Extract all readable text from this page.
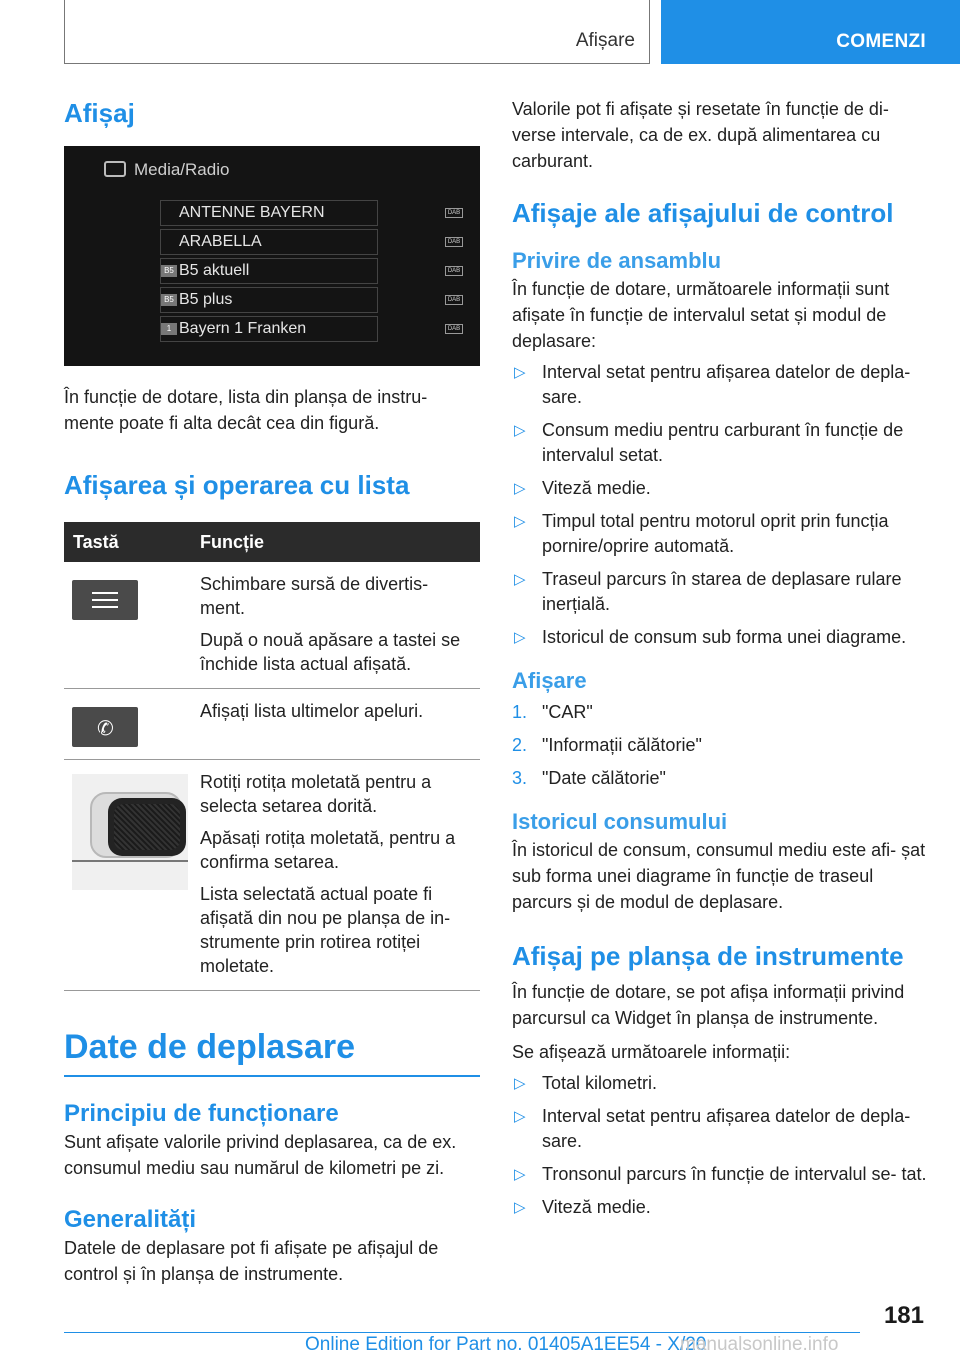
Afișare	COMENZI
Afișaj
Media/Radio
ANTENNE BAYERN	DAB
ARABELLA	DAB
B5 B5 aktuell	DAB
B5 B5 plus	DAB
1 Bayern 1 Franken	DAB

În funcție de dotare, lista din planșa de instru‐ mente poate fi alta decât cea din figură.

Afișarea și operarea cu lista
Tastă	Funcție

	Schimbare sursă de divertis‐ ment.

După o nouă apăsare a tastei se închide lista actual afișată.

✆	Afișați lista ultimelor apeluri.

	Rotiți rotița moletată pentru a selecta setarea dorită.

Apăsați rotița moletată, pentru a confirma setarea.

Lista selectată actual poate fi afișată din nou pe planșa de in‐ strumente prin rotirea rotiței moletate.

Date de deplasare
Principiu de funcționare

Sunt afișate valorile privind deplasarea, ca de ex. consumul mediu sau numărul de kilometri pe zi.

Generalități

Datele de deplasare pot fi afișate pe afișajul de control și în planșa de instrumente.

Valorile pot fi afișate și resetate în funcție de di‐ verse intervale, ca de ex. după alimentarea cu carburant.

Afișaje ale afișajului de control
Privire de ansamblu

În funcție de dotare, următoarele informații sunt afișate în funcție de intervalul setat și modul de deplasare:

▷ Interval setat pentru afișarea datelor de depla‐ sare.
▷ Consum mediu pentru carburant în funcție de intervalul setat.
▷ Viteză medie.
▷ Timpul total pentru motorul oprit prin funcția pornire/oprire automată.
▷ Traseul parcurs în starea de deplasare rulare inerțială.
▷ Istoricul de consum sub forma unei diagrame.
Afișare
1. "CAR"
2. "Informații călătorie"
3. "Date călătorie"
Istoricul consumului

În istoricul de consum, consumul mediu este afi‐ șat sub forma unei diagrame în funcție de traseul parcurs și de modul de deplasare.

Afișaj pe planșa de instrumente

În funcție de dotare, se pot afișa informații privind parcursul ca Widget în planșa de instrumente.

Se afișează următoarele informații:

▷ Total kilometri.
▷ Interval setat pentru afișarea datelor de depla‐ sare.
▷ Tronsonul parcurs în funcție de intervalul se‐ tat.
▷ Viteză medie.
181
Online Edition for Part no. 01405A1EE54 - X/20
manualsonline.info
